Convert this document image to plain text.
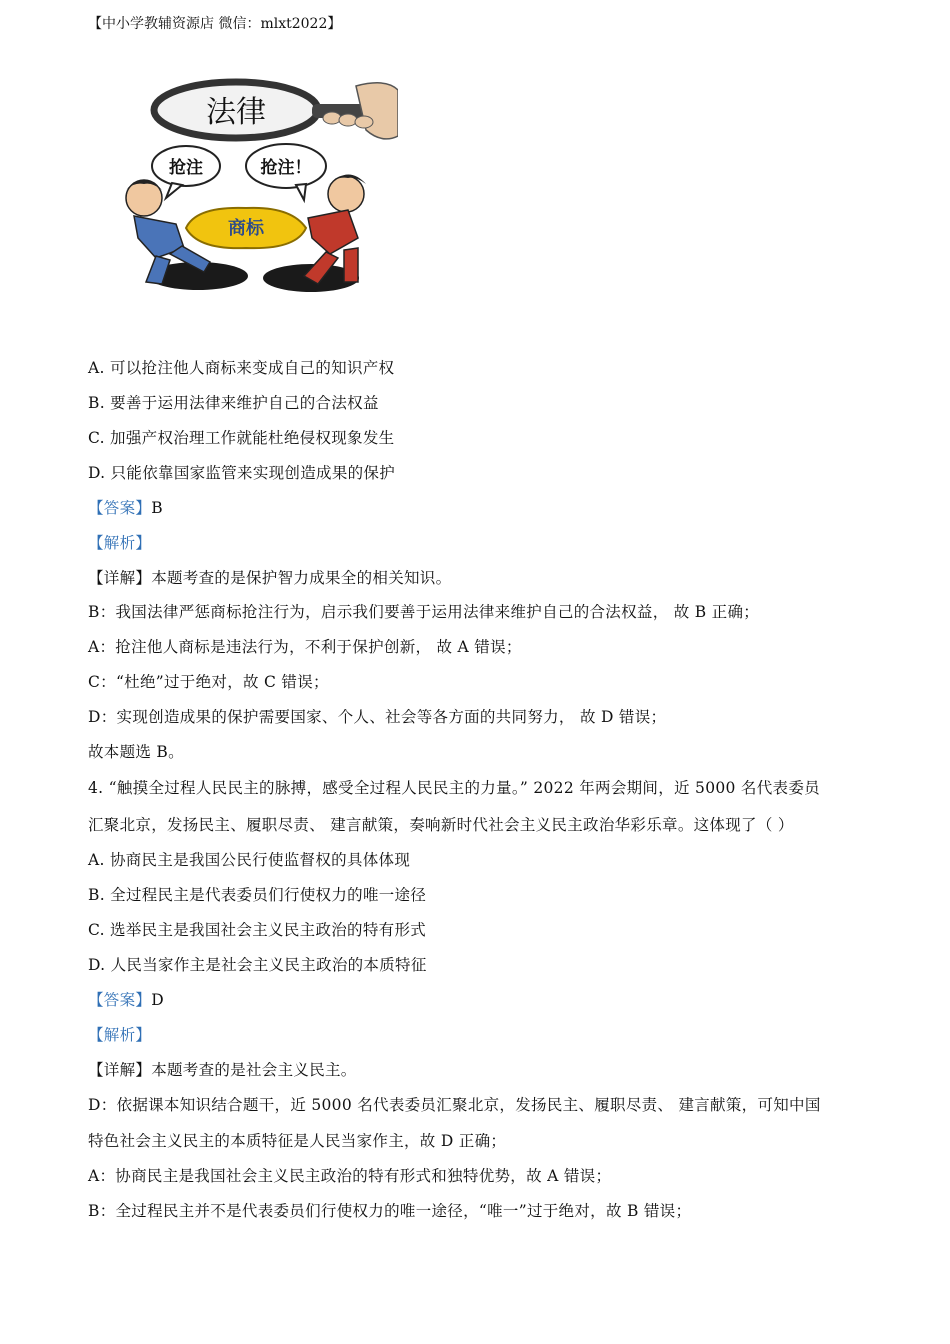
【中小学教辅资源店 微信：mlxt2022】
法律
抢注	抢注！
商标
A. 可以抢注他人商标来变成自己的知识产权
B. 要善于运用法律来维护自己的合法权益
C. 加强产权治理工作就能杜绝侵权现象发生
D. 只能依靠国家监管来实现创造成果的保护
【答案】B
【解析】
【详解】本题考查的是保护智力成果全的相关知识。
B：我国法律严惩商标抢注行为，启示我们要善于运用法律来维护自己的合法权益， 故 B 正确；
A：抢注他人商标是违法行为，不利于保护创新， 故 A 错误；
C：“杜绝”过于绝对，故 C 错误；
D：实现创造成果的保护需要国家、个人、社会等各方面的共同努力， 故 D 错误；
故本题选 B。
4. “触摸全过程人民民主的脉搏，感受全过程人民民主的力量。” 2022 年两会期间，近 5000 名代表委员
汇聚北京，发扬民主、履职尽责、 建言献策，奏响新时代社会主义民主政治华彩乐章。这体现了（ ）
A. 协商民主是我国公民行使监督权的具体体现
B. 全过程民主是代表委员们行使权力的唯一途径
C. 选举民主是我国社会主义民主政治的特有形式
D. 人民当家作主是社会主义民主政治的本质特征
【答案】D
【解析】
【详解】本题考查的是社会主义民主。
D：依据课本知识结合题干，近 5000 名代表委员汇聚北京，发扬民主、履职尽责、 建言献策，可知中国
特色社会主义民主的本质特征是人民当家作主，故 D 正确；
A：协商民主是我国社会主义民主政治的特有形式和独特优势，故 A 错误；
B：全过程民主并不是代表委员们行使权力的唯一途径，“唯一”过于绝对，故 B 错误；
